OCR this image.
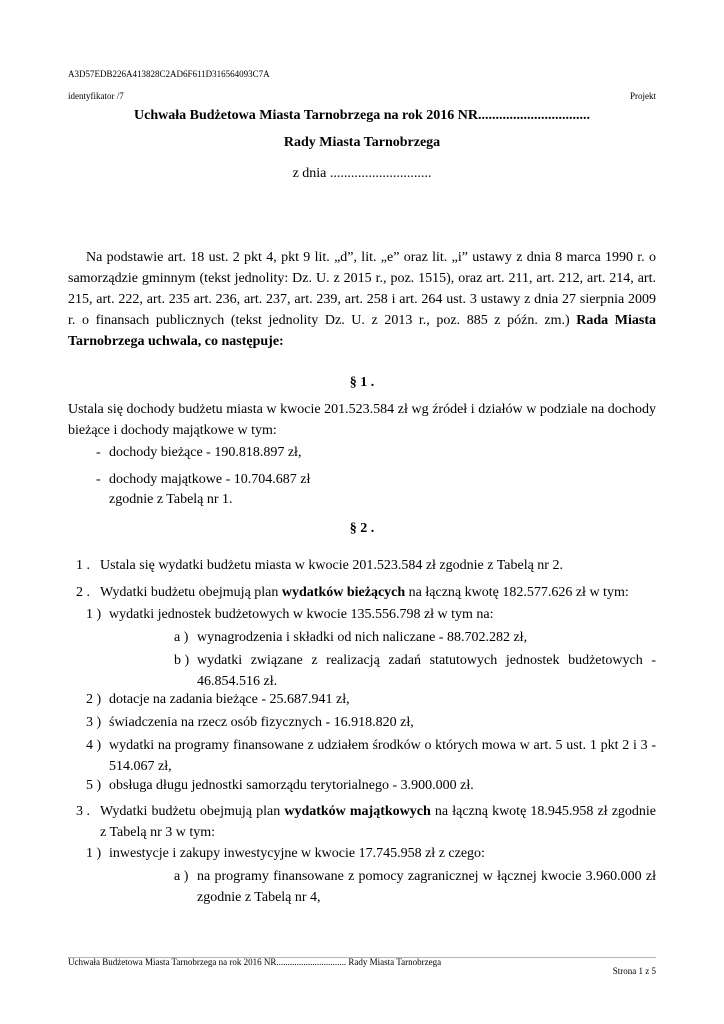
A3D57EDB226A413828C2AD6F611D316564093C7A
identyfikator /7	Projekt
Uchwała Budżetowa Miasta Tarnobrzega na rok 2016 NR................................
Rady Miasta Tarnobrzega
z dnia .............................
Na podstawie art. 18 ust. 2 pkt 4, pkt 9 lit. „d”, lit. „e” oraz lit. „i” ustawy z dnia 8 marca 1990 r. o samorządzie gminnym (tekst jednolity: Dz. U. z 2015 r., poz. 1515), oraz art. 211, art. 212, art. 214, art. 215, art. 222, art. 235 art. 236, art. 237, art. 239, art. 258 i art. 264 ust. 3 ustawy z dnia 27 sierpnia 2009 r. o finansach publicznych (tekst jednolity Dz. U. z 2013 r., poz. 885 z późn. zm.) Rada Miasta Tarnobrzega uchwala, co następuje:
§ 1 .
Ustala się dochody budżetu miasta w kwocie 201.523.584 zł wg źródeł i działów w podziale na dochody bieżące i dochody majątkowe w tym:
- dochody bieżące - 190.818.897 zł,
- dochody majątkowe - 10.704.687 zł
zgodnie z Tabelą nr 1.
§ 2 .
1 . Ustala się wydatki budżetu miasta w kwocie 201.523.584 zł zgodnie z Tabelą nr 2.
2 . Wydatki budżetu obejmują plan wydatków bieżących na łączną kwotę 182.577.626 zł w tym:
1 ) wydatki jednostek budżetowych w kwocie 135.556.798 zł w tym na:
a ) wynagrodzenia i składki od nich naliczane - 88.702.282 zł,
b ) wydatki związane z realizacją zadań statutowych jednostek budżetowych - 46.854.516 zł.
2 ) dotacje na zadania bieżące - 25.687.941 zł,
3 ) świadczenia na rzecz osób fizycznych - 16.918.820 zł,
4 ) wydatki na programy finansowane z udziałem środków o których mowa w art. 5 ust. 1 pkt 2 i 3 - 514.067 zł,
5 ) obsługa długu jednostki samorządu terytorialnego - 3.900.000 zł.
3 . Wydatki budżetu obejmują plan wydatków majątkowych na łączną kwotę 18.945.958 zł zgodnie z Tabelą nr 3 w tym:
1 ) inwestycje i zakupy inwestycyjne w kwocie 17.745.958 zł z czego:
a ) na programy finansowane z pomocy zagranicznej w łącznej kwocie 3.960.000 zł zgodnie z Tabelą nr 4,
Uchwała Budżetowa Miasta Tarnobrzega na rok 2016 NR............................... Rady Miasta Tarnobrzega
Strona 1 z 5
